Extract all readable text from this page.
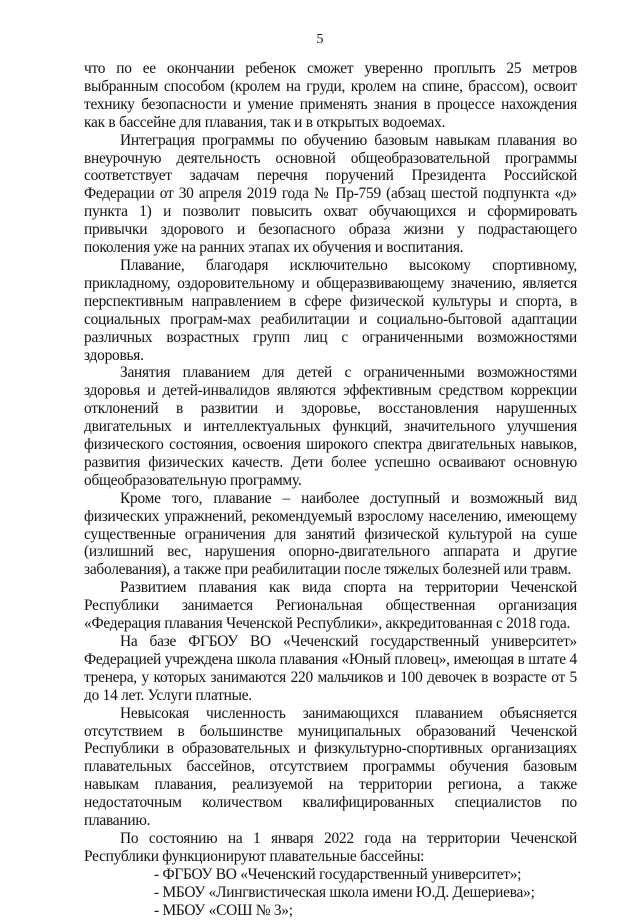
5

что по ее окончании ребенок сможет уверенно проплыть 25 метров выбранным способом (кролем на груди, кролем на спине, брассом), освоит технику безопасности и умение применять знания в процессе нахождения как в бассейне для плавания, так и в открытых водоемах.

Интеграция программы по обучению базовым навыкам плавания во внеурочную деятельность основной общеобразовательной программы соответствует задачам перечня поручений Президента Российской Федерации от 30 апреля 2019 года № Пр-759 (абзац шестой подпункта «д» пункта 1) и позволит повысить охват обучающихся и сформировать привычки здорового и безопасного образа жизни у подрастающего поколения уже на ранних этапах их обучения и воспитания.

Плавание, благодаря исключительно высокому спортивному, прикладному, оздоровительному и общеразвивающему значению, является перспективным направлением в сфере физической культуры и спорта, в социальных програм-мах реабилитации и социально-бытовой адаптации различных возрастных групп лиц с ограниченными возможностями здоровья.

Занятия плаванием для детей с ограниченными возможностями здоровья и детей-инвалидов являются эффективным средством коррекции отклонений в развитии и здоровье, восстановления нарушенных двигательных и интеллектуальных функций, значительного улучшения физического состояния, освоения широкого спектра двигательных навыков, развития физических качеств. Дети более успешно осваивают основную общеобразовательную программу.

Кроме того, плавание – наиболее доступный и возможный вид физических упражнений, рекомендуемый взрослому населению, имеющему существенные ограничения для занятий физической культурой на суше (излишний вес, нарушения опорно-двигательного аппарата и другие заболевания), а также при реабилитации после тяжелых болезней или травм.

Развитием плавания как вида спорта на территории Чеченской Республики занимается Региональная общественная организация «Федерация плавания Чеченской Республики», аккредитованная с 2018 года.

На базе ФГБОУ ВО «Чеченский государственный университет» Федерацией учреждена школа плавания «Юный пловец», имеющая в штате 4 тренера, у которых занимаются 220 мальчиков и 100 девочек в возрасте от 5 до 14 лет. Услуги платные.

Невысокая численность занимающихся плаванием объясняется отсутствием в большинстве муниципальных образований Чеченской Республики в образовательных и физкультурно-спортивных организациях плавательных бассейнов, отсутствием программы обучения базовым навыкам плавания, реализуемой на территории региона, а также недостаточным количеством квалифицированных специалистов по плаванию.

По состоянию на 1 января 2022 года на территории Чеченской Республики функционируют плавательные бассейны:

- ФГБОУ ВО «Чеченский государственный университет»;

- МБОУ «Лингвистическая школа имени Ю.Д. Дешериева»;

- МБОУ «СОШ № 3»;
